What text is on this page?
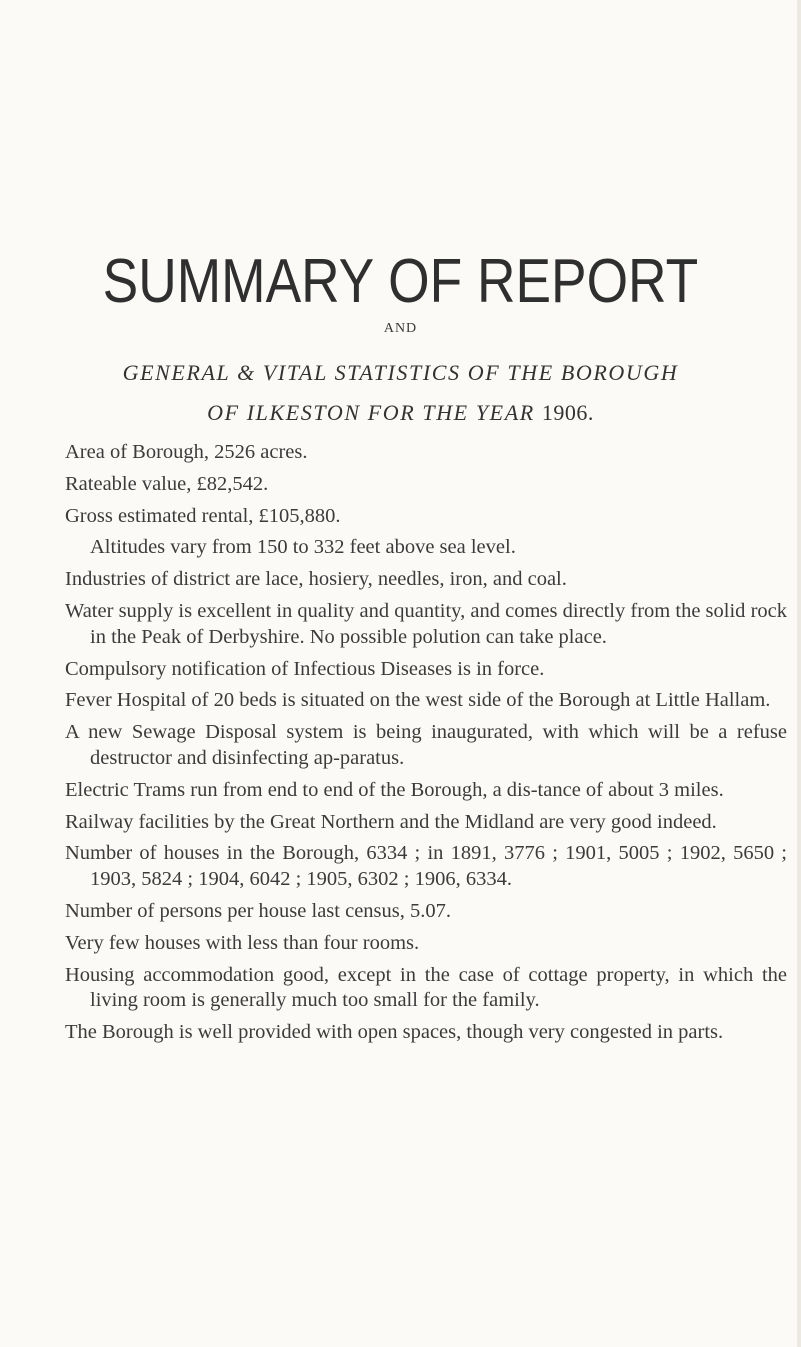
SUMMARY OF REPORT
AND
GENERAL & VITAL STATISTICS OF THE BOROUGH
OF ILKESTON FOR THE YEAR 1906.

Area of Borough, 2526 acres.

Rateable value, £82,542.

Gross estimated rental, £105,880.

Altitudes vary from 150 to 332 feet above sea level.

Industries of district are lace, hosiery, needles, iron, and coal.

Water supply is excellent in quality and quantity, and comes directly from the solid rock in the Peak of Derbyshire. No possible polution can take place.

Compulsory notification of Infectious Diseases is in force.

Fever Hospital of 20 beds is situated on the west side of the Borough at Little Hallam.

A new Sewage Disposal system is being inaugurated, with which will be a refuse destructor and disinfecting ap-paratus.

Electric Trams run from end to end of the Borough, a dis-tance of about 3 miles.

Railway facilities by the Great Northern and the Midland are very good indeed.

Number of houses in the Borough, 6334 ; in 1891, 3776 ; 1901, 5005 ; 1902, 5650 ; 1903, 5824 ; 1904, 6042 ; 1905, 6302 ; 1906, 6334.

Number of persons per house last census, 5.07.

Very few houses with less than four rooms.

Housing accommodation good, except in the case of cottage property, in which the living room is generally much too small for the family.

The Borough is well provided with open spaces, though very congested in parts.
